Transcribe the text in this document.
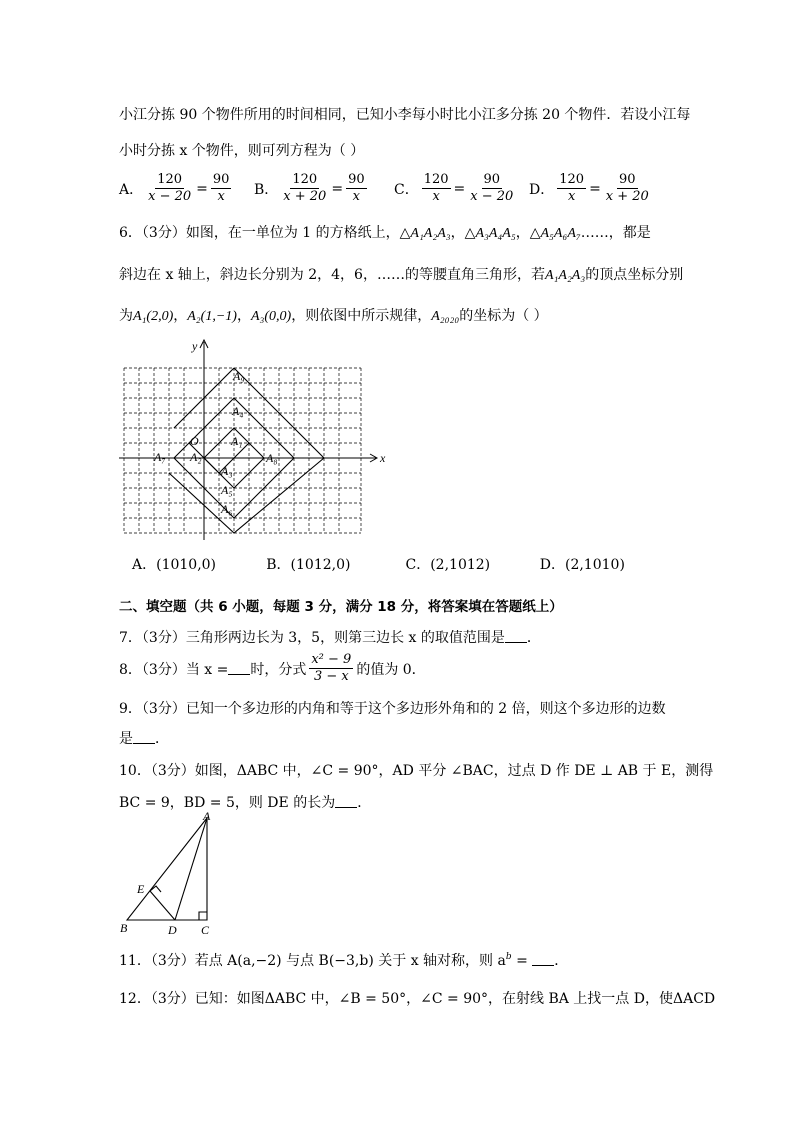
小江分拣 90 个物件所用的时间相同，已知小李每小时比小江多分拣 20 个物件．若设小江每
小时分拣 x 个物件，则可列方程为（ ）
A． $\frac{120}{x - 20} = \frac{90}{x}$ B． $\frac{120}{x + 20} = \frac{90}{x}$ C． $\frac{120}{x} = \frac{90}{x - 20}$ D． $\frac{120}{x} = \frac{90}{x + 20}$
6．（3分）如图，在一单位为 1 的方格纸上，△A₁A₂A₃，△A₃A₄A₅，△A₅A₆A₇……，都是
斜边在 x 轴上，斜边长分别为 2，4，6，……的等腰直角三角形，若A₁A₂A₃的顶点坐标分别
为A₁(2,0)，A₂(1,−1)，A₃(0,0)，则依图中所示规律，A₂₀₂₀的坐标为（ ）
x
y
O	A₁
A₂
A₃
A₄
A₅
A₇	A₈
A₆
A₉
A．(1010,0)	B．(1012,0)	C．(2,1012)	D．(2,1010)
二、填空题（共 6 小题，每题 3 分，满分 18 分，将答案填在答题纸上）
7．（3分）三角形两边长为 3，5，则第三边长 x 的取值范围是 ．
8．（3分）当 x = 时，分式 $\frac{\text{x² − 9}}{3 - x}$ 的值为 0．
9．（3分）已知一个多边形的内角和等于这个多边形外角和的 2 倍，则这个多边形的边数
是 ．
10．（3分）如图，ΔABC 中，∠C = 90°，AD 平分 ∠BAC，过点 D 作 DE ⊥ AB 于 E，测得
BC = 9，BD = 5，则 DE 的长为 ．
A
B	C
D
E
11．（3分）若点 A(a,−2) 与点 B(−3,b) 关于 x 轴对称，则 $a^b$ = ．
12．（3分）已知：如图ΔABC 中，∠B = 50°，∠C = 90°，在射线 BA 上找一点 D，使ΔACD
